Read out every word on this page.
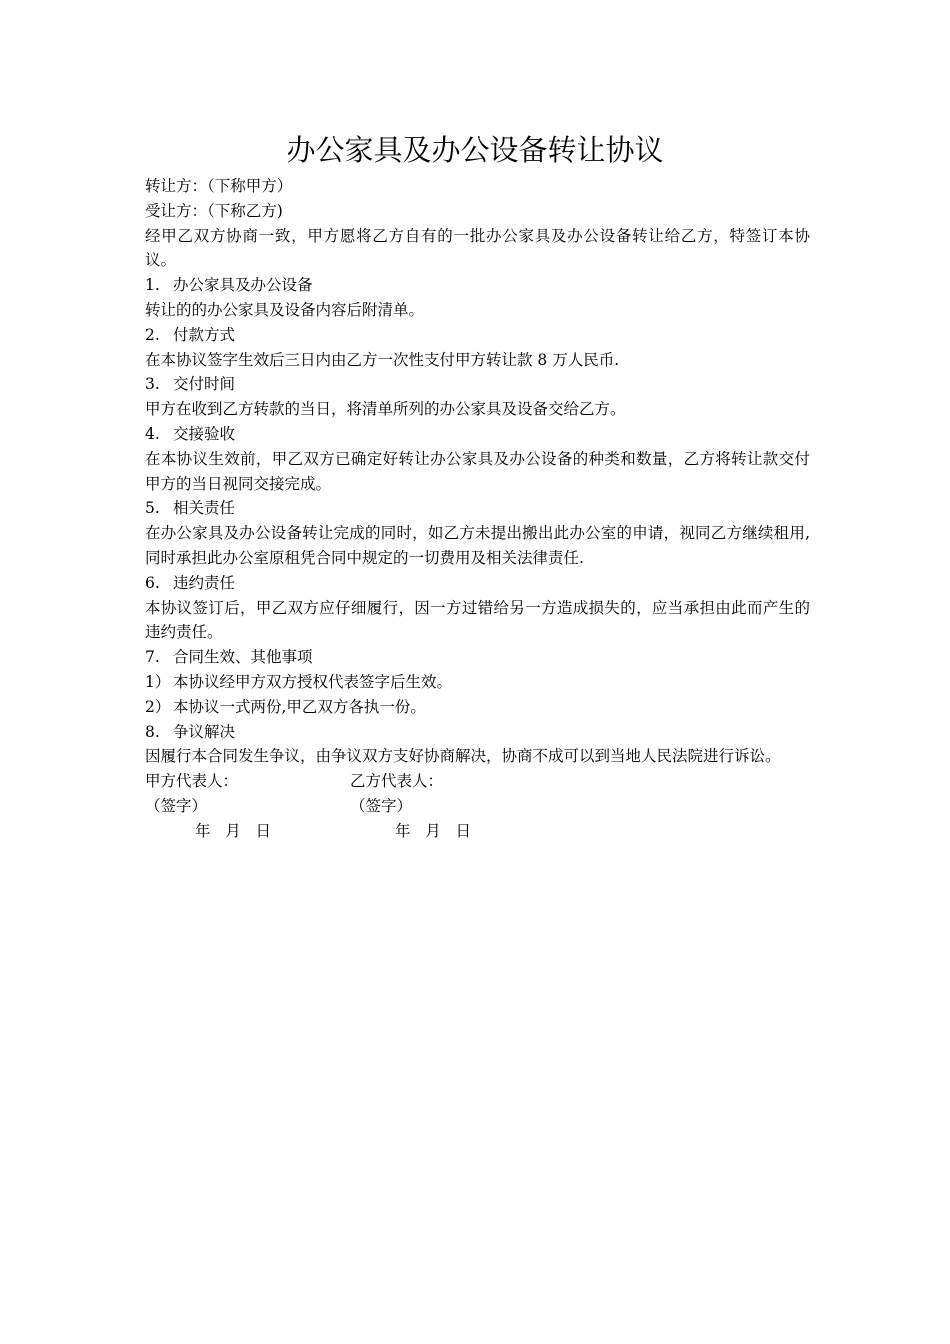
办公家具及办公设备转让协议

转让方：（下称甲方）

受让方：（下称乙方)

经甲乙双方协商一致，甲方愿将乙方自有的一批办公家具及办公设备转让给乙方，特签订本协议。

1. 办公家具及办公设备

转让的的办公家具及设备内容后附清单。

2. 付款方式

在本协议签字生效后三日内由乙方一次性支付甲方转让款 8 万人民币.

3. 交付时间

甲方在收到乙方转款的当日，将清单所列的办公家具及设备交给乙方。

4. 交接验收

在本协议生效前，甲乙双方已确定好转让办公家具及办公设备的种类和数量，乙方将转让款交付甲方的当日视同交接完成。

5. 相关责任

在办公家具及办公设备转让完成的同时，如乙方未提出搬出此办公室的申请，视同乙方继续租用,同时承担此办公室原租凭合同中规定的一切费用及相关法律责任.

6. 违约责任

本协议签订后，甲乙双方应仔细履行，因一方过错给另一方造成损失的，应当承担由此而产生的违约责任。

7. 合同生效、其他事项

1） 本协议经甲方双方授权代表签字后生效。

2） 本协议一式两份,甲乙双方各执一份。

8. 争议解决

因履行本合同发生争议，由争议双方支好协商解决，协商不成可以到当地人民法院进行诉讼。

甲方代表人：	乙方代表人：
（签字）	（签字）
年   月   日	年   月   日
